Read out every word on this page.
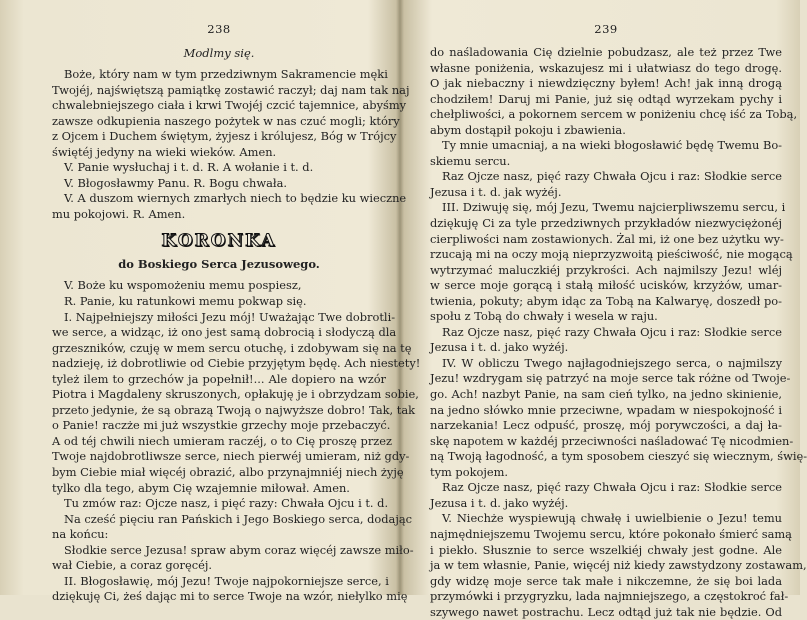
238
Modlmy się.
Boże, który nam w tym przedziwnym Sakramencie męki
Twojéj, najświętszą pamiątkę zostawić raczył; daj nam tak naj
chwalebniejszego ciała i krwi Twojéj czcić tajemnice, abyśmy
zawsze odkupienia naszego pożytek w nas czuć mogli; który
z Ojcem i Duchem świętym, żyjesz i królujesz, Bóg w Trójcy
świętéj jedyny na wieki wieków. Amen.
V. Panie wysłuchaj i t. d. R. A wołanie i t. d.
V. Błogosławmy Panu. R. Bogu chwała.
V. A duszom wiernych zmarłych niech to będzie ku wieczne
mu pokojowi. R. Amen.
KORONKA
do Boskiego Serca Jezusowego.
V. Boże ku wspomożeniu memu pospiesz,
R. Panie, ku ratunkowi memu pokwap się.
I. Najpełniejszy miłości Jezu mój! Uważając Twe dobrotli-
we serce, a widząc, iż ono jest samą dobrocią i słodyczą dla
grzeszników, czuję w mem sercu otuchę, i zdobywam się na tę
nadzieję, iż dobrotliwie od Ciebie przyjętym będę. Ach niestety!
tyleż ilem to grzechów ja popełnił!... Ale dopiero na wzór
Piotra i Magdaleny skruszonych, opłakuję je i obrzydzam sobie,
przeto jedynie, że są obrazą Twoją o najwyższe dobro! Tak, tak
o Panie! raczże mi już wszystkie grzechy moje przebaczyć.
A od téj chwili niech umieram raczéj, o to Cię proszę przez
Twoje najdobrotliwsze serce, niech pierwéj umieram, niż gdy-
bym Ciebie miał więcéj obrazić, albo przynajmniéj niech żyję
tylko dla tego, abym Cię wzajemnie miłował. Amen.
Tu zmów raz: Ojcze nasz, i pięć razy: Chwała Ojcu i t. d.
Na cześć pięciu ran Pańskich i Jego Boskiego serca, dodając
na końcu:
Słodkie serce Jezusa! spraw abym coraz więcéj zawsze miło-
wał Ciebie, a coraz goręcéj.
II. Błogosławię, mój Jezu! Twoje najpokorniejsze serce, i
dziękuję Ci, żeś dając mi to serce Twoje na wzór, niełylko mię
239
do naśladowania Cię dzielnie pobudzasz, ale też przez Twe
własne poniżenia, wskazujesz mi i ułatwiasz do tego drogę.
O jak niebaczny i niewdzięczny byłem! Ach! jak inną drogą
chodziłem! Daruj mi Panie, już się odtąd wyrzekam pychy i
chełpliwości, a pokornem sercem w poniżeniu chcę iść za Tobą,
abym dostąpił pokoju i zbawienia.
Ty mnie umacniaj, a na wieki błogosławić będę Twemu Bo-
skiemu sercu.
Raz Ojcze nasz, pięć razy Chwała Ojcu i raz: Słodkie serce
Jezusa i t. d. jak wyżéj.
III. Dziwuję się, mój Jezu, Twemu najcierpliwszemu sercu, i
dziękuję Ci za tyle przedziwnych przykładów niezwyciężonéj
cierpliwości nam zostawionych. Żal mi, iż one bez użytku wy-
rzucają mi na oczy moją nieprzyzwoitą pieściwość, nie mogącą
wytrzymać maluczkiéj przykrości. Ach najmilszy Jezu! wléj
w serce moje gorącą i stałą miłość ucisków, krzyżów, umar-
twienia, pokuty; abym idąc za Tobą na Kalwaryę, doszedł po-
społu z Tobą do chwały i wesela w raju.
Raz Ojcze nasz, pięć razy Chwała Ojcu i raz: Słodkie serce
Jezusa i t. d. jako wyżéj.
IV. W obliczu Twego najłagodniejszego serca, o najmilszy
Jezu! wzdrygam się patrzyć na moje serce tak różne od Twoje-
go. Ach! nazbyt Panie, na sam cień tylko, na jedno skinienie,
na jedno słówko mnie przeciwne, wpadam w niespokojność i
narzekania! Lecz odpuść, proszę, mój porywczości, a daj ła-
skę napotem w każdéj przeciwności naśladować Tę nicodmien-
ną Twoją łagodność, a tym sposobem cieszyć się wiecznym, świę-
tym pokojem.
Raz Ojcze nasz, pięć razy Chwała Ojcu i raz: Słodkie serce
Jezusa i t. d. jako wyżéj.
V. Niechże wyspiewują chwałę i uwielbienie o Jezu! temu
najmędniejszemu Twojemu sercu, które pokonało śmierć samą
i piekło. Słusznie to serce wszelkiéj chwały jest godne. Ale
ja w tem własnie, Panie, więcéj niż kiedy zawstydzony zostawam,
gdy widzę moje serce tak małe i nikczemne, że się boi lada
przymówki i przygryzku, lada najmniejszego, a częstokroć fał-
szywego nawet postrachu. Lecz odtąd już tak nie będzie. Od
